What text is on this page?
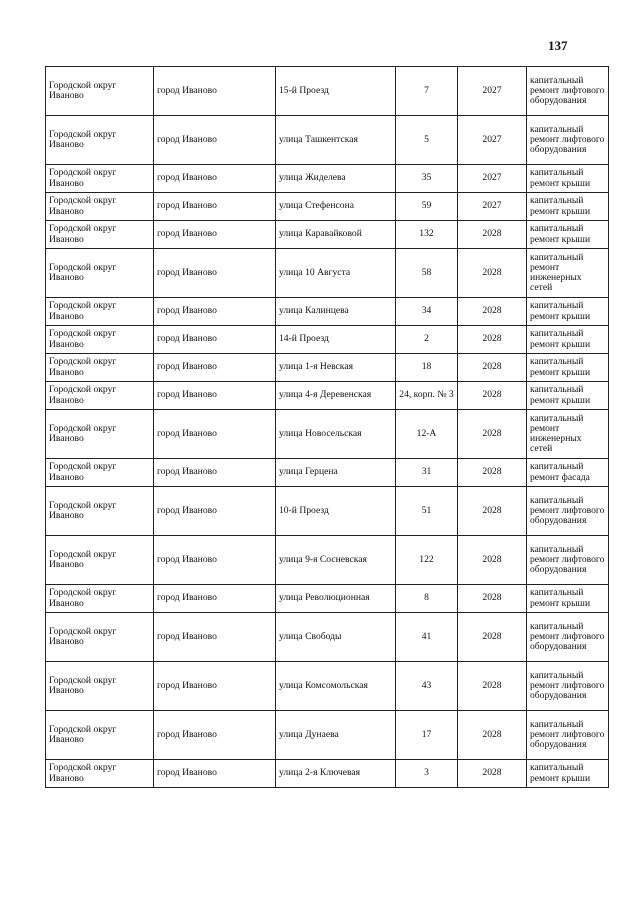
137
Городской округ Иваново	город Иваново	15-й Проезд	7	2027	капитальный ремонт лифтового оборудования
Городской округ Иваново	город Иваново	улица Ташкентская	5	2027	капитальный ремонт лифтового оборудования
Городской округ Иваново	город Иваново	улица Жиделева	35	2027	капитальный ремонт крыши
Городской округ Иваново	город Иваново	улица Стефенсона	59	2027	капитальный ремонт крыши
Городской округ Иваново	город Иваново	улица Каравайковой	132	2028	капитальный ремонт крыши
Городской округ Иваново	город Иваново	улица 10 Августа	58	2028	капитальный ремонт инженерных сетей
Городской округ Иваново	город Иваново	улица Калинцева	34	2028	капитальный ремонт крыши
Городской округ Иваново	город Иваново	14-й Проезд	2	2028	капитальный ремонт крыши
Городской округ Иваново	город Иваново	улица 1-я Невская	18	2028	капитальный ремонт крыши
Городской округ Иваново	город Иваново	улица 4-я Деревенская	24, корп. № 3	2028	капитальный ремонт крыши
Городской округ Иваново	город Иваново	улица Новосельская	12-А	2028	капитальный ремонт инженерных сетей
Городской округ Иваново	город Иваново	улица Герцена	31	2028	капитальный ремонт фасада
Городской округ Иваново	город Иваново	10-й Проезд	51	2028	капитальный ремонт лифтового оборудования
Городской округ Иваново	город Иваново	улица 9-я Сосневская	122	2028	капитальный ремонт лифтового оборудования
Городской округ Иваново	город Иваново	улица Революционная	8	2028	капитальный ремонт крыши
Городской округ Иваново	город Иваново	улица Свободы	41	2028	капитальный ремонт лифтового оборудования
Городской округ Иваново	город Иваново	улица Комсомольская	43	2028	капитальный ремонт лифтового оборудования
Городской округ Иваново	город Иваново	улица Дунаева	17	2028	капитальный ремонт лифтового оборудования
Городской округ Иваново	город Иваново	улица 2-я Ключевая	3	2028	капитальный ремонт крыши
